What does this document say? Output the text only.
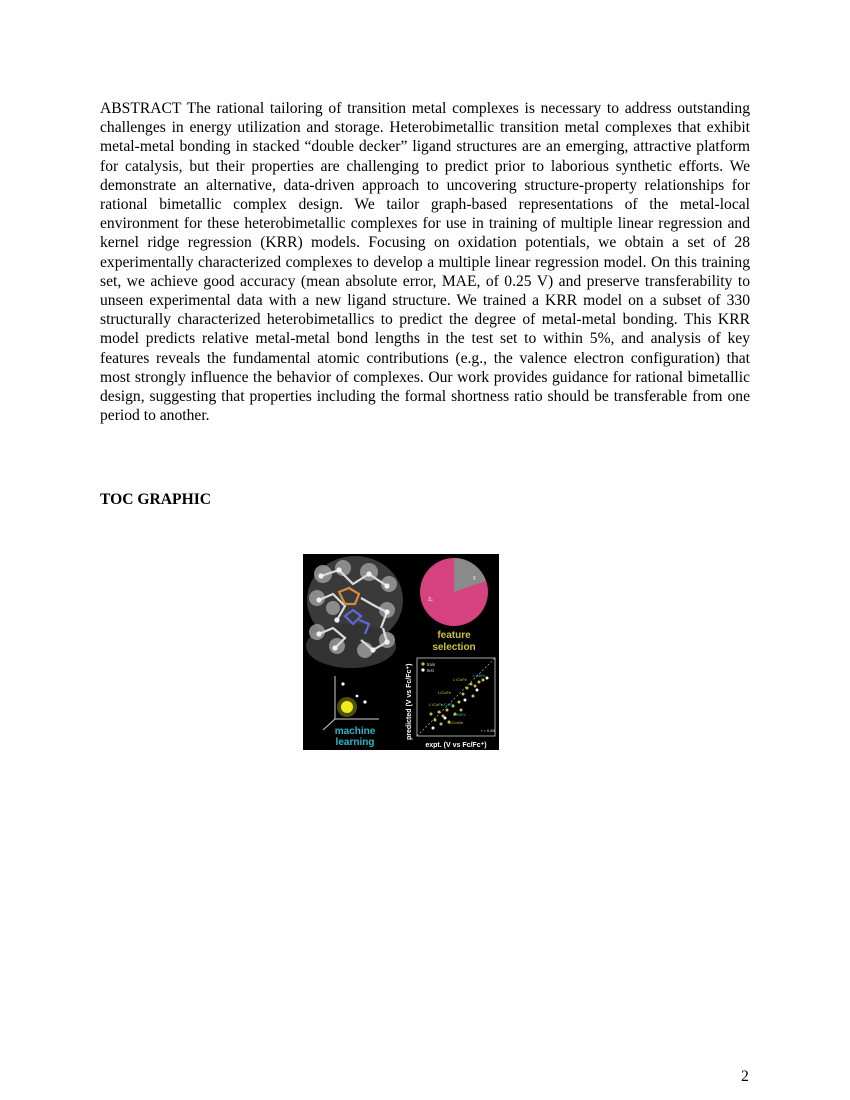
ABSTRACT The rational tailoring of transition metal complexes is necessary to address outstanding challenges in energy utilization and storage. Heterobimetallic transition metal complexes that exhibit metal-metal bonding in stacked “double decker” ligand structures are an emerging, attractive platform for catalysis, but their properties are challenging to predict prior to laborious synthetic efforts. We demonstrate an alternative, data-driven approach to uncovering structure-property relationships for rational bimetallic complex design. We tailor graph-based representations of the metal-local environment for these heterobimetallic complexes for use in training of multiple linear regression and kernel ridge regression (KRR) models. Focusing on oxidation potentials, we obtain a set of 28 experimentally characterized complexes to develop a multiple linear regression model. On this training set, we achieve good accuracy (mean absolute error, MAE, of 0.25 V) and preserve transferability to unseen experimental data with a new ligand structure. We trained a KRR model on a subset of 330 structurally characterized heterobimetallics to predict the degree of metal-metal bonding. This KRR model predicts relative metal-metal bond lengths in the test set to within 5%, and analysis of key features reveals the fundamental atomic contributions (e.g., the valence electron configuration) that most strongly influence the behavior of complexes. Our work provides guidance for rational bimetallic design, suggesting that properties including the formal shortness ratio should be transferable from one period to another.

TOC GRAPHIC

Zₓ
χ
feature
selection
machine
learning
train
test
L'/CoFe
L'/NiFe
L/CoFe
L'/CoFe
L'/NiFe
L/CoFe
L/CoMn
r = 0.85
predicted (V vs Fc/Fc⁺)
expt. (V vs Fc/Fc⁺)

2
